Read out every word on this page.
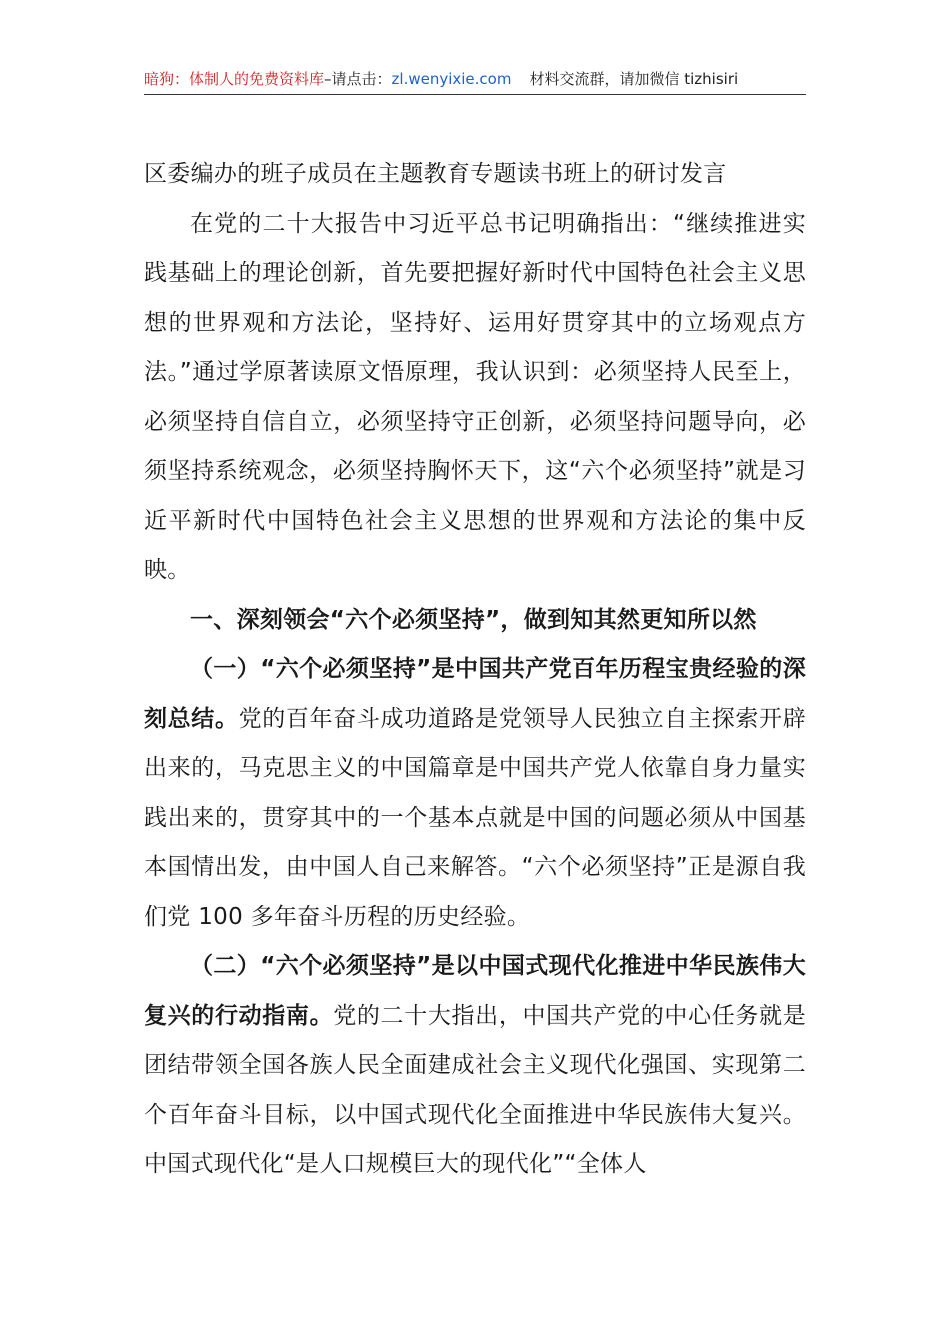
暗狗：体制人的免费资料库–请点击：zl.wenyixie.com 材料交流群，请加微信 tizhisiri
区委编办的班子成员在主题教育专题读书班上的研讨发言

在党的二十大报告中习近平总书记明确指出：“继续推进实践基础上的理论创新，首先要把握好新时代中国特色社会主义思想的世界观和方法论，坚持好、运用好贯穿其中的立场观点方法。”通过学原著读原文悟原理，我认识到：必须坚持人民至上，必须坚持自信自立，必须坚持守正创新，必须坚持问题导向，必须坚持系统观念，必须坚持胸怀天下，这“六个必须坚持”就是习近平新时代中国特色社会主义思想的世界观和方法论的集中反映。

一、深刻领会“六个必须坚持”，做到知其然更知所以然

（一）“六个必须坚持”是中国共产党百年历程宝贵经验的深刻总结。党的百年奋斗成功道路是党领导人民独立自主探索开辟出来的，马克思主义的中国篇章是中国共产党人依靠自身力量实践出来的，贯穿其中的一个基本点就是中国的问题必须从中国基本国情出发，由中国人自己来解答。“六个必须坚持”正是源自我们党 100 多年奋斗历程的历史经验。

（二）“六个必须坚持”是以中国式现代化推进中华民族伟大复兴的行动指南。党的二十大指出，中国共产党的中心任务就是团结带领全国各族人民全面建成社会主义现代化强国、实现第二个百年奋斗目标，以中国式现代化全面推进中华民族伟大复兴。中国式现代化“是人口规模巨大的现代化”“全体人
